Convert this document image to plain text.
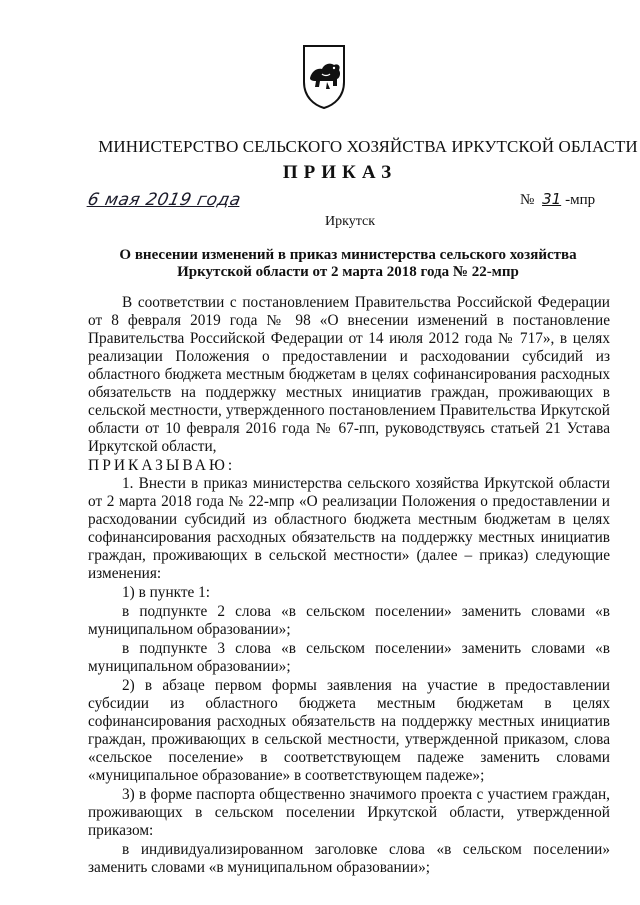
МИНИСТЕРСТВО СЕЛЬСКОГО ХОЗЯЙСТВА ИРКУТСКОЙ ОБЛАСТИ
ПРИКАЗ
6 мая 2019 года	№ 31 -мпр
Иркутск
О внесении изменений в приказ министерства сельского хозяйства Иркутской области от 2 марта 2018 года № 22-мпр

В соответствии с постановлением Правительства Российской Федерации от 8 февраля 2019 года № 98 «О внесении изменений в постановление Правительства Российской Федерации от 14 июля 2012 года № 717», в целях реализации Положения о предоставлении и расходовании субсидий из областного бюджета местным бюджетам в целях софинансирования расходных обязательств на поддержку местных инициатив граждан, проживающих в сельской местности, утвержденного постановлением Правительства Иркутской области от 10 февраля 2016 года № 67-пп, руководствуясь статьей 21 Устава Иркутской области,

ПРИКАЗЫВАЮ:

1. Внести в приказ министерства сельского хозяйства Иркутской области от 2 марта 2018 года № 22-мпр «О реализации Положения о предоставлении и расходовании субсидий из областного бюджета местным бюджетам в целях софинансирования расходных обязательств на поддержку местных инициатив граждан, проживающих в сельской местности» (далее – приказ) следующие изменения:

1) в пункте 1:

в подпункте 2 слова «в сельском поселении» заменить словами «в муниципальном образовании»;

в подпункте 3 слова «в сельском поселении» заменить словами «в муниципальном образовании»;

2) в абзаце первом формы заявления на участие в предоставлении субсидии из областного бюджета местным бюджетам в целях софинансирования расходных обязательств на поддержку местных инициатив граждан, проживающих в сельской местности, утвержденной приказом, слова «сельское поселение» в соответствующем падеже заменить словами «муниципальное образование» в соответствующем падеже»;

3) в форме паспорта общественно значимого проекта с участием граждан, проживающих в сельском поселении Иркутской области, утвержденной приказом:

в индивидуализированном заголовке слова «в сельском поселении» заменить словами «в муниципальном образовании»;
